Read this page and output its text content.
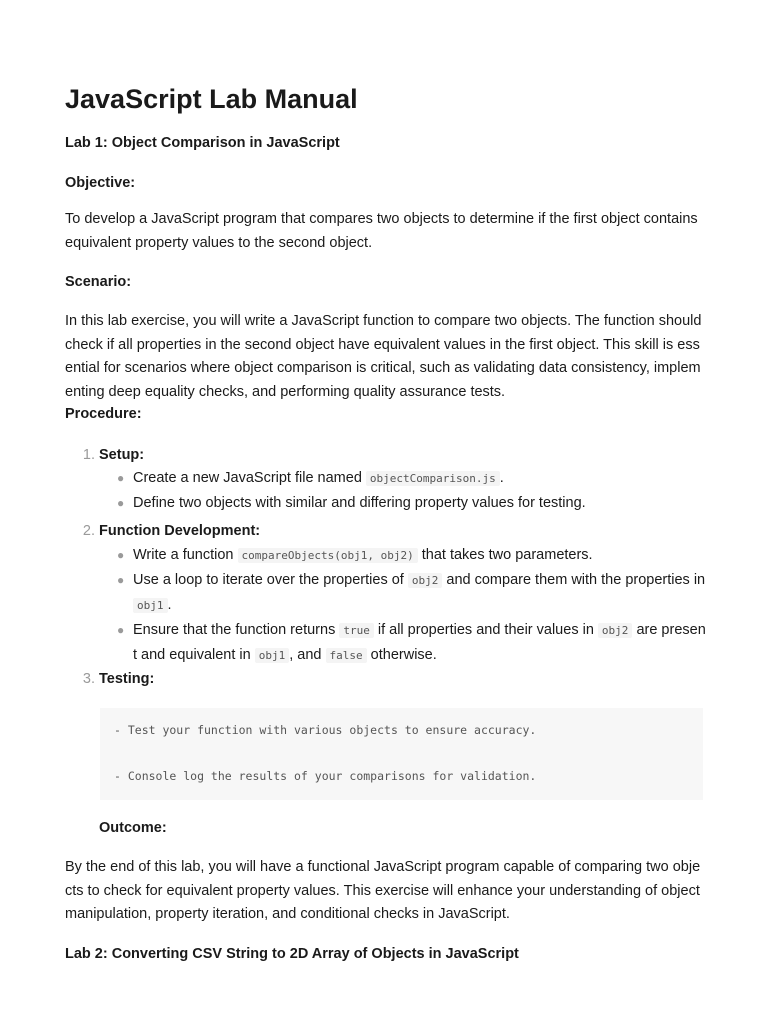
JavaScript Lab Manual
Lab 1: Object Comparison in JavaScript
Objective:

To develop a JavaScript program that compares two objects to determine if the first object contains equivalent property values to the second object.

Scenario:

In this lab exercise, you will write a JavaScript function to compare two objects. The function should check if all properties in the second object have equivalent values in the first object. This skill is essential for scenarios where object comparison is critical, such as validating data consistency, implementing deep equality checks, and performing quality assurance tests.

Procedure:
1. Setup:
● Create a new JavaScript file named objectComparison.js .

● Define two objects with similar and differing property values for testing.

2. Function Development:
● Write a function compareObjects(obj1, obj2) that takes two parameters.

● Use a loop to iterate over the properties of obj2 and compare them with the properties in obj1 .

● Ensure that the function returns true if all properties and their values in obj2 are present and equivalent in obj1 , and false otherwise.

3. Testing:
- Test your function with various objects to ensure accuracy.
- Console log the results of your comparisons for validation.
Outcome:

By the end of this lab, you will have a functional JavaScript program capable of comparing two objects to check for equivalent property values. This exercise will enhance your understanding of object manipulation, property iteration, and conditional checks in JavaScript.

Lab 2: Converting CSV String to 2D Array of Objects in JavaScript
